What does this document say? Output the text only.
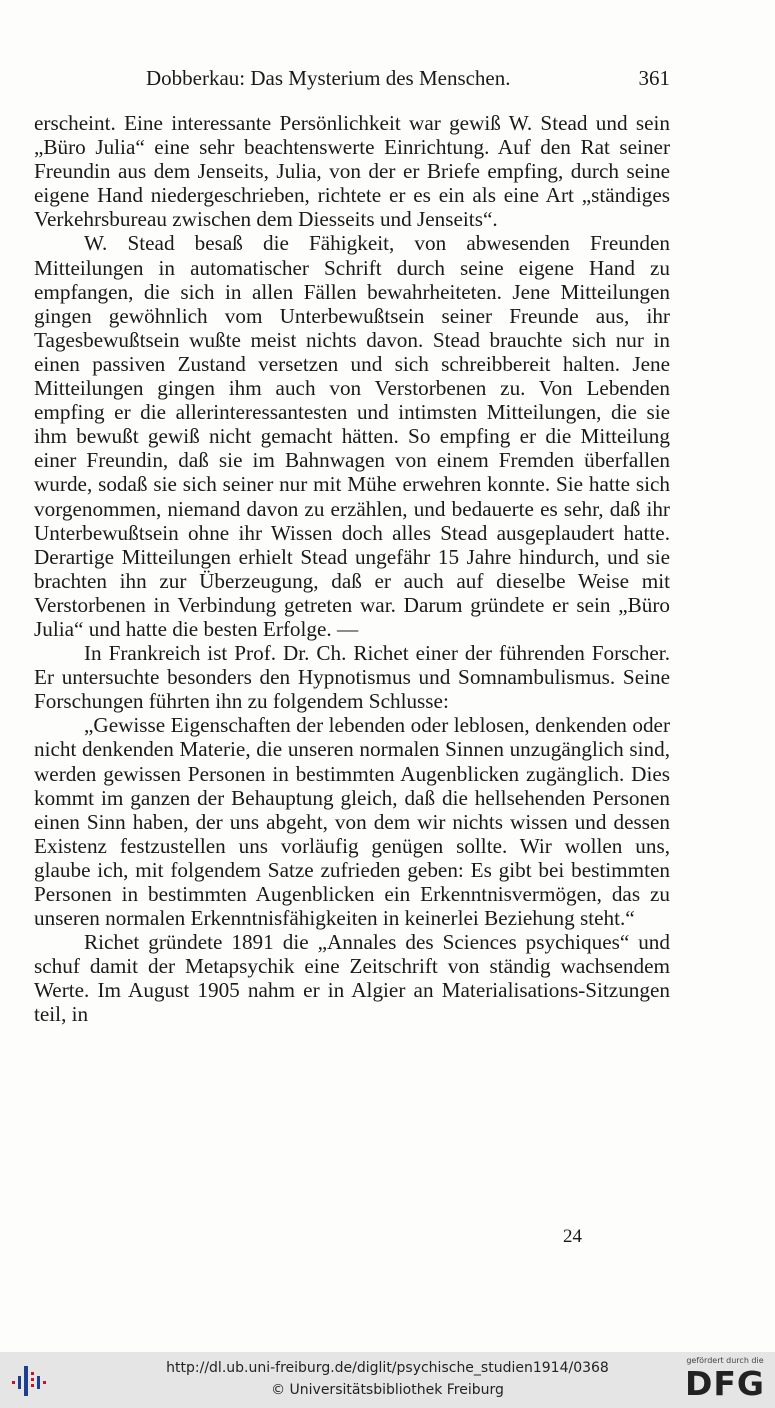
Dobberkau: Das Mysterium des Menschen.	361

erscheint. Eine interessante Persönlichkeit war gewiß W. Stead und sein „Büro Julia“ eine sehr beachtenswerte Einrichtung. Auf den Rat seiner Freundin aus dem Jenseits, Julia, von der er Briefe empfing, durch seine eigene Hand niedergeschrieben, richtete er es ein als eine Art „ständiges Verkehrsbureau zwischen dem Diesseits und Jenseits“.

W. Stead besaß die Fähigkeit, von abwesenden Freunden Mitteilungen in automatischer Schrift durch seine eigene Hand zu empfangen, die sich in allen Fällen bewahrheiteten. Jene Mitteilungen gingen gewöhnlich vom Unterbewußtsein seiner Freunde aus, ihr Tagesbewußtsein wußte meist nichts davon. Stead brauchte sich nur in einen passiven Zustand versetzen und sich schreibbereit halten. Jene Mitteilungen gingen ihm auch von Verstorbenen zu. Von Lebenden empfing er die allerinteressantesten und intimsten Mitteilungen, die sie ihm bewußt gewiß nicht gemacht hätten. So empfing er die Mitteilung einer Freundin, daß sie im Bahnwagen von einem Fremden überfallen wurde, sodaß sie sich seiner nur mit Mühe erwehren konnte. Sie hatte sich vorgenommen, niemand davon zu erzählen, und bedauerte es sehr, daß ihr Unterbewußtsein ohne ihr Wissen doch alles Stead ausgeplaudert hatte. Derartige Mitteilungen erhielt Stead ungefähr 15 Jahre hindurch, und sie brachten ihn zur Überzeugung, daß er auch auf dieselbe Weise mit Verstorbenen in Verbindung getreten war. Darum gründete er sein „Büro Julia“ und hatte die besten Erfolge. —

In Frankreich ist Prof. Dr. Ch. Richet einer der führenden Forscher. Er untersuchte besonders den Hypnotismus und Somnambulismus. Seine Forschungen führten ihn zu folgendem Schlusse:

„Gewisse Eigenschaften der lebenden oder leblosen, denkenden oder nicht denkenden Materie, die unseren normalen Sinnen unzugänglich sind, werden gewissen Personen in bestimmten Augenblicken zugänglich. Dies kommt im ganzen der Behauptung gleich, daß die hellsehenden Personen einen Sinn haben, der uns abgeht, von dem wir nichts wissen und dessen Existenz festzustellen uns vorläufig genügen sollte. Wir wollen uns, glaube ich, mit folgendem Satze zufrieden geben: Es gibt bei bestimmten Personen in bestimmten Augenblicken ein Erkenntnisvermögen, das zu unseren normalen Erkenntnisfähigkeiten in keinerlei Beziehung steht.“

Richet gründete 1891 die „Annales des Sciences psychiques“ und schuf damit der Metapsychik eine Zeitschrift von ständig wachsendem Werte. Im August 1905 nahm er in Algier an Materialisations-Sitzungen teil, in

24
http://dl.ub.uni-freiburg.de/diglit/psychische_studien1914/0368
© Universitätsbibliothek Freiburg
gefördert durch die
DFG
